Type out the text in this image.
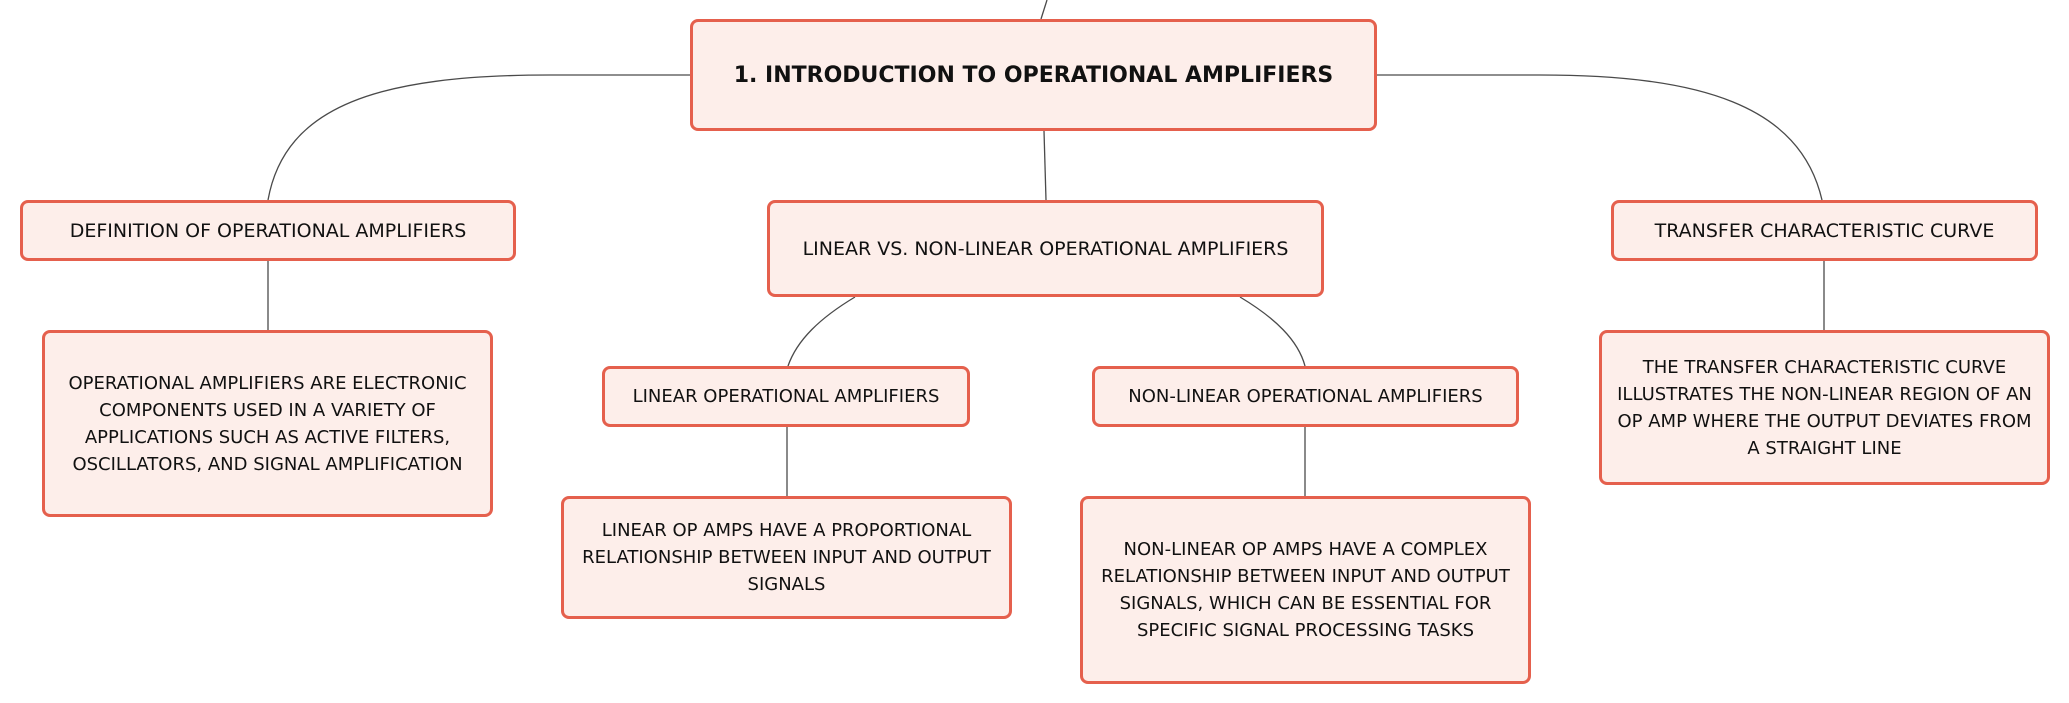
1. INTRODUCTION TO OPERATIONAL AMPLIFIERS
DEFINITION OF OPERATIONAL AMPLIFIERS
LINEAR VS. NON-LINEAR OPERATIONAL AMPLIFIERS
TRANSFER CHARACTERISTIC CURVE
OPERATIONAL AMPLIFIERS ARE ELECTRONIC COMPONENTS USED IN A VARIETY OF APPLICATIONS SUCH AS ACTIVE FILTERS, OSCILLATORS, AND SIGNAL AMPLIFICATION
LINEAR OPERATIONAL AMPLIFIERS	NON-LINEAR OPERATIONAL AMPLIFIERS
LINEAR OP AMPS HAVE A PROPORTIONAL RELATIONSHIP BETWEEN INPUT AND OUTPUT SIGNALS
NON-LINEAR OP AMPS HAVE A COMPLEX RELATIONSHIP BETWEEN INPUT AND OUTPUT SIGNALS, WHICH CAN BE ESSENTIAL FOR SPECIFIC SIGNAL PROCESSING TASKS
THE TRANSFER CHARACTERISTIC CURVE ILLUSTRATES THE NON-LINEAR REGION OF AN OP AMP WHERE THE OUTPUT DEVIATES FROM A STRAIGHT LINE
